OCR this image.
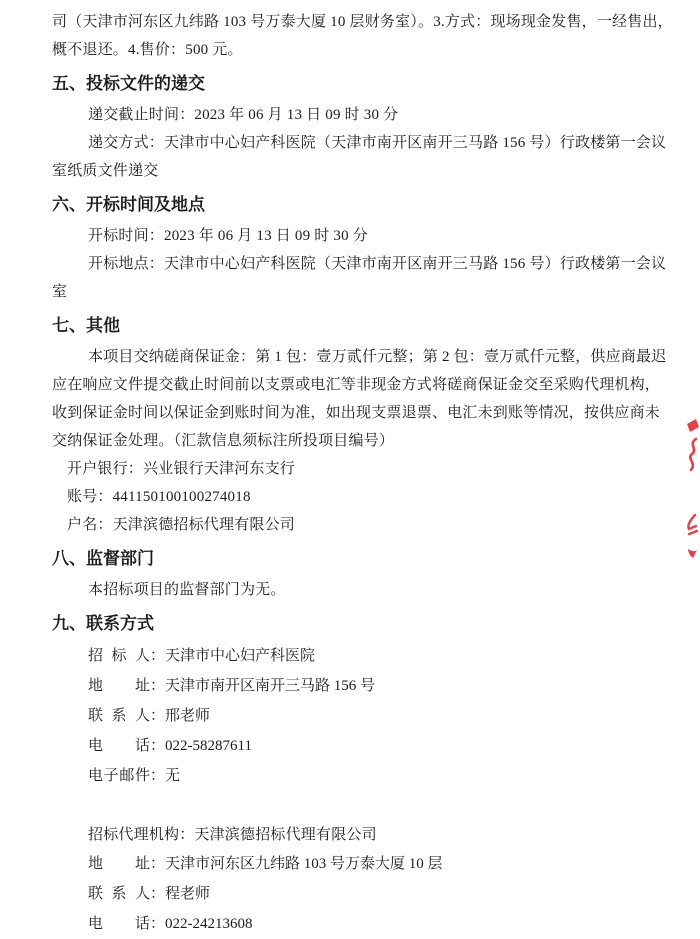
司（天津市河东区九纬路 103 号万泰大厦 10 层财务室）。3.方式：现场现金发售，一经售出，
概不退还。4.售价：500 元。
五、投标文件的递交
递交截止时间：2023 年 06 月 13 日 09 时 30 分
递交方式：天津市中心妇产科医院（天津市南开区南开三马路 156 号）行政楼第一会议
室纸质文件递交
六、开标时间及地点
开标时间：2023 年 06 月 13 日 09 时 30 分
开标地点：天津市中心妇产科医院（天津市南开区南开三马路 156 号）行政楼第一会议
室
七、其他
本项目交纳磋商保证金：第 1 包：壹万贰仟元整；第 2 包：壹万贰仟元整，供应商最迟
应在响应文件提交截止时间前以支票或电汇等非现金方式将磋商保证金交至采购代理机构，
收到保证金时间以保证金到账时间为准，如出现支票退票、电汇未到账等情况，按供应商未
交纳保证金处理。（汇款信息须标注所投项目编号）
开户银行：兴业银行天津河东支行
账号：441150100100274018
户名：天津滨德招标代理有限公司
八、监督部门
本招标项目的监督部门为无。
九、联系方式
招标人：天津市中心妇产科医院
地址：天津市南开区南开三马路 156 号
联系人：邢老师
电话：022-58287611
电子邮件：无
招标代理机构：天津滨德招标代理有限公司
地址：天津市河东区九纬路 103 号万泰大厦 10 层
联系人：程老师
电话：022-24213608
